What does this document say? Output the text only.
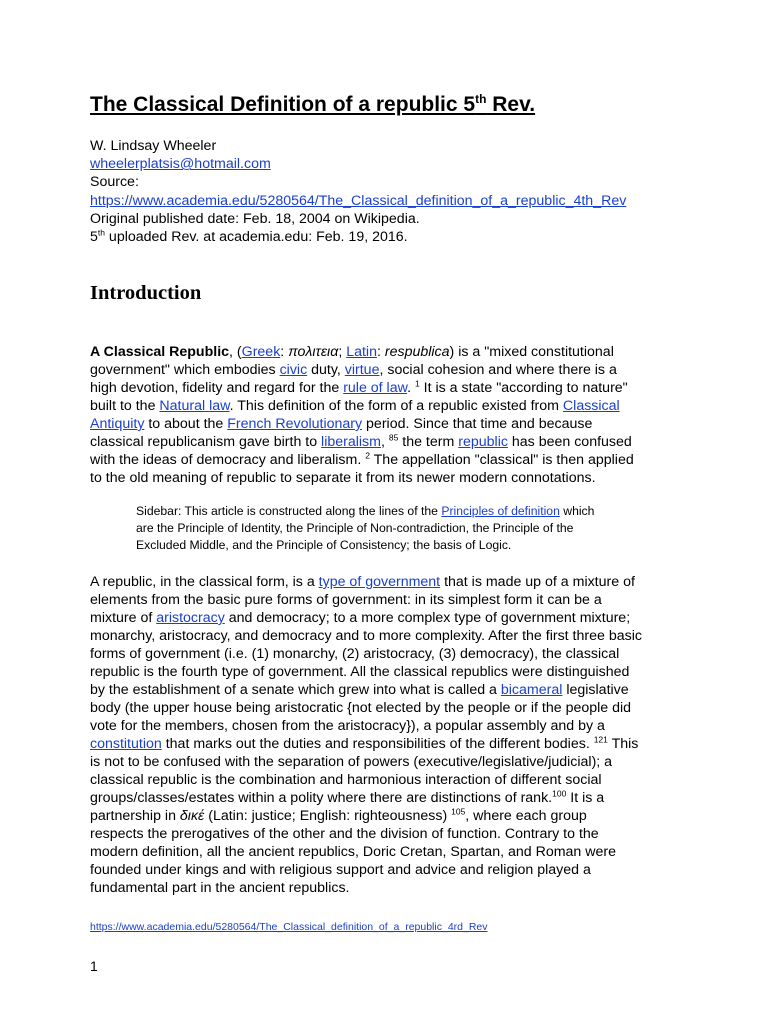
The Classical Definition of a republic 5th Rev.
W. Lindsay Wheeler
wheelerplatsis@hotmail.com
Source:
https://www.academia.edu/5280564/The_Classical_definition_of_a_republic_4th_Rev
Original published date: Feb. 18, 2004 on Wikipedia.
5th uploaded Rev. at academia.edu: Feb. 19, 2016.
Introduction
A Classical Republic, (Greek: πολιτεια; Latin: respublica) is a "mixed constitutional
government" which embodies civic duty, virtue, social cohesion and where there is a
high devotion, fidelity and regard for the rule of law. $^1$ It is a state "according to nature"
built to the Natural law. This definition of the form of a republic existed from Classical
Antiquity to about the French Revolutionary period. Since that time and because
classical republicanism gave birth to liberalism, $^{85}$ the term republic has been confused
with the ideas of democracy and liberalism. $^2$ The appellation "classical" is then applied
to the old meaning of republic to separate it from its newer modern connotations.
Sidebar: This article is constructed along the lines of the Principles of definition which
are the Principle of Identity, the Principle of Non-contradiction, the Principle of the
Excluded Middle, and the Principle of Consistency; the basis of Logic.
A republic, in the classical form, is a type of government that is made up of a mixture of
elements from the basic pure forms of government: in its simplest form it can be a
mixture of aristocracy and democracy; to a more complex type of government mixture;
monarchy, aristocracy, and democracy and to more complexity. After the first three basic
forms of government (i.e. (1) monarchy, (2) aristocracy, (3) democracy), the classical
republic is the fourth type of government. All the classical republics were distinguished
by the establishment of a senate which grew into what is called a bicameral legislative
body (the upper house being aristocratic {not elected by the people or if the people did
vote for the members, chosen from the aristocracy}), a popular assembly and by a
constitution that marks out the duties and responsibilities of the different bodies. $^{121}$ This
is not to be confused with the separation of powers (executive/legislative/judicial); a
classical republic is the combination and harmonious interaction of different social
groups/classes/estates within a polity where there are distinctions of rank.$^{100}$ It is a
partnership in δικέ (Latin: justice; English: righteousness) $^{105}$, where each group
respects the prerogatives of the other and the division of function. Contrary to the
modern definition, all the ancient republics, Doric Cretan, Spartan, and Roman were
founded under kings and with religious support and advice and religion played a
fundamental part in the ancient republics.
https://www.academia.edu/5280564/The_Classical_definition_of_a_republic_4rd_Rev
1
